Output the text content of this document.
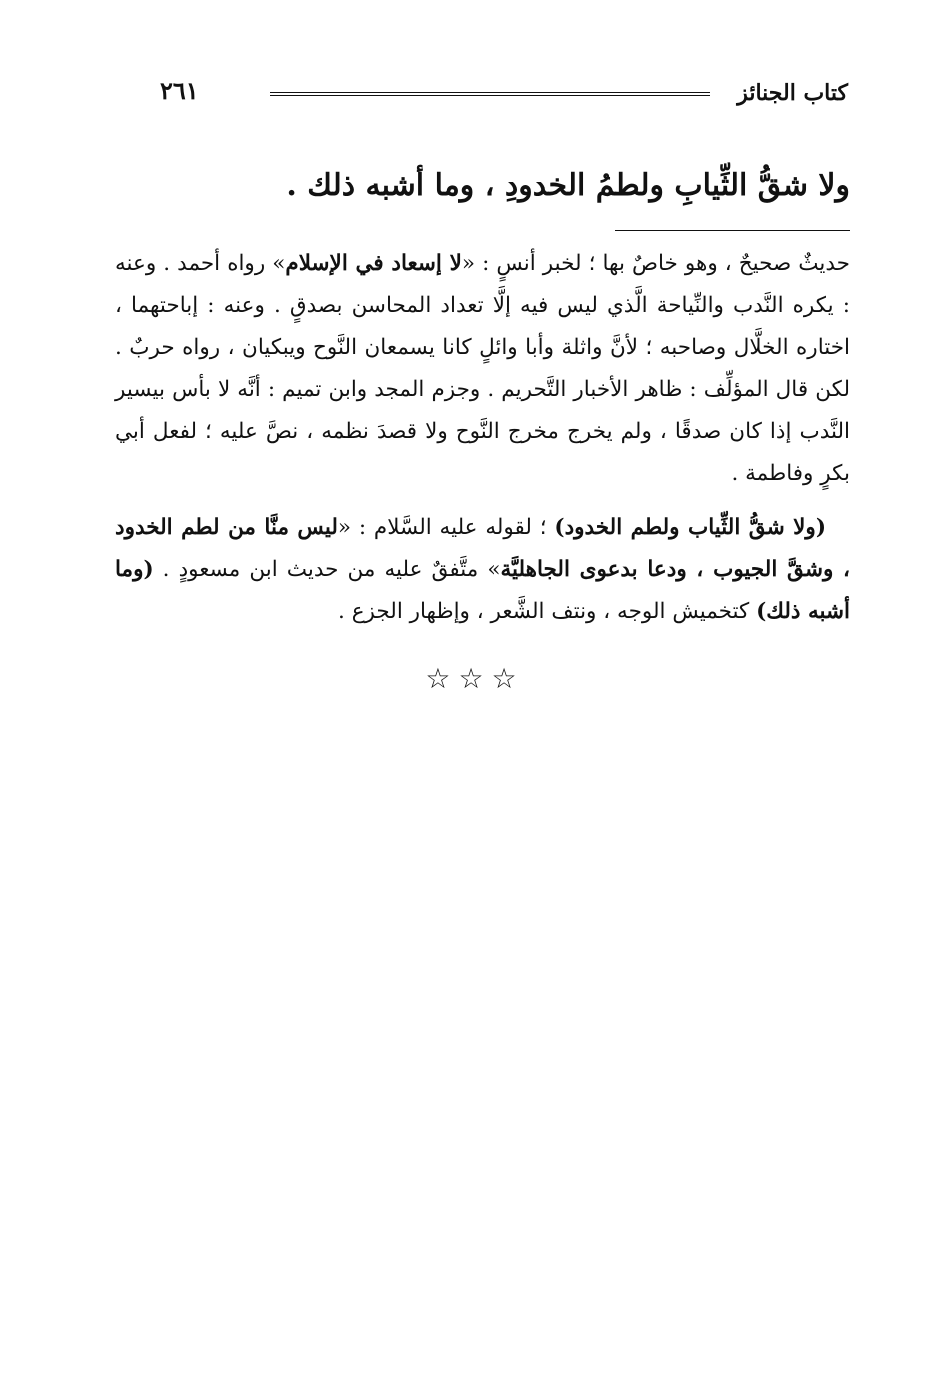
كتاب الجنائز
٢٦١
ولا شقُّ الثِّيابِ ولطمُ الخدودِ ، وما أشبه ذلك .

حديثٌ صحيحٌ ، وهو خاصٌ بها ؛ لخبر أنسٍ : «لا إسعاد في الإسلام» رواه أحمد . وعنه : يكره النَّدب والنِّياحة الَّذي ليس فيه إلَّا تعداد المحاسن بصدقٍ . وعنه : إباحتهما ، اختاره الخلَّال وصاحبه ؛ لأنَّ واثلة وأبا وائلٍ كانا يسمعان النَّوح ويبكيان ، رواه حربٌ . لكن قال المؤلِّف : ظاهر الأخبار التَّحريم . وجزم المجد وابن تميم : أنَّه لا بأس بيسير النَّدب إذا كان صدقًا ، ولم يخرج مخرج النَّوح ولا قصدَ نظمه ، نصَّ عليه ؛ لفعل أبي بكرٍ وفاطمة .

(ولا شقُّ الثِّياب ولطم الخدود) ؛ لقوله عليه السَّلام : «ليس منَّا من لطم الخدود ، وشقَّ الجيوب ، ودعا بدعوى الجاهليَّة» متَّفقٌ عليه من حديث ابن مسعودٍ . (وما أشبه ذلك) كتخميش الوجه ، ونتف الشَّعر ، وإظهار الجزع .

☆☆☆
